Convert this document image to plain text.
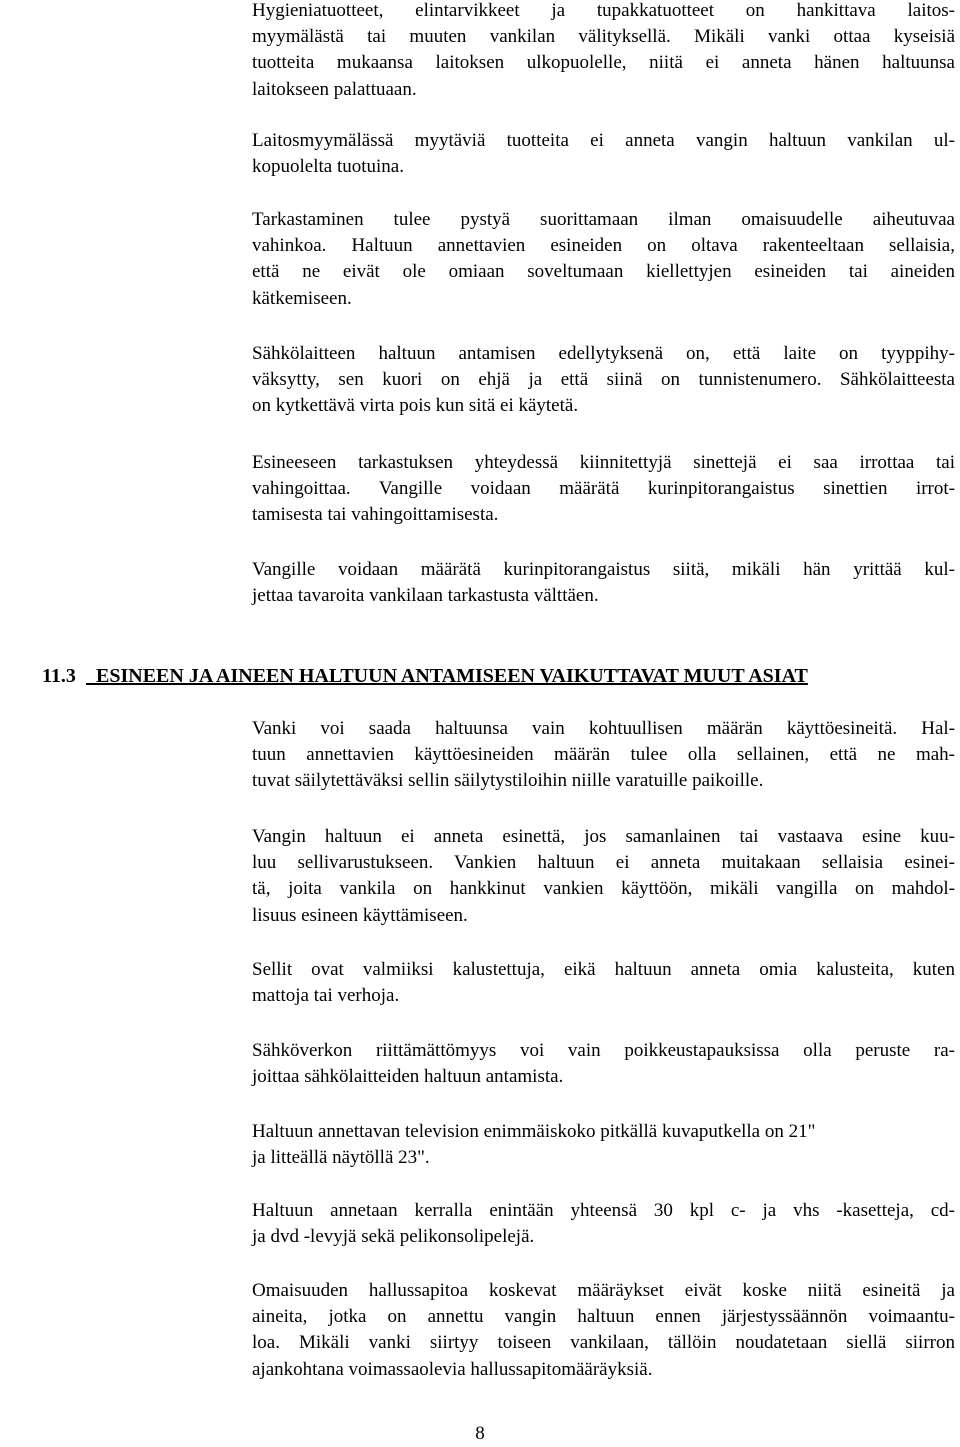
Hygieniatuotteet, elintarvikkeet ja tupakkatuotteet on hankittava laitos-
myymälästä tai muuten vankilan välityksellä. Mikäli vanki ottaa kyseisiä
tuotteita mukaansa laitoksen ulkopuolelle, niitä ei anneta hänen haltuunsa
laitokseen palattuaan.

Laitosmyymälässä myytäviä tuotteita ei anneta vangin haltuun vankilan ul-
kopuolelta tuotuina.

Tarkastaminen tulee pystyä suorittamaan ilman omaisuudelle aiheutuvaa
vahinkoa. Haltuun annettavien esineiden on oltava rakenteeltaan sellaisia,
että ne eivät ole omiaan soveltumaan kiellettyjen esineiden tai aineiden
kätkemiseen.

Sähkölaitteen haltuun antamisen edellytyksenä on, että laite on tyyppihy-
väksytty, sen kuori on ehjä ja että siinä on tunnistenumero. Sähkölaitteesta
on kytkettävä virta pois kun sitä ei käytetä.

Esineeseen tarkastuksen yhteydessä kiinnitettyjä sinettejä ei saa irrottaa tai
vahingoittaa. Vangille voidaan määrätä kurinpitorangaistus sinettien irrot-
tamisesta tai vahingoittamisesta.

Vangille voidaan määrätä kurinpitorangaistus siitä, mikäli hän yrittää kul-
jettaa tavaroita vankilaan tarkastusta välttäen.

11.3 ESINEEN JA AINEEN HALTUUN ANTAMISEEN VAIKUTTAVAT MUUT ASIAT

Vanki voi saada haltuunsa vain kohtuullisen määrän käyttöesineitä. Hal-
tuun annettavien käyttöesineiden määrän tulee olla sellainen, että ne mah-
tuvat säilytettäväksi sellin säilytystiloihin niille varatuille paikoille.

Vangin haltuun ei anneta esinettä, jos samanlainen tai vastaava esine kuu-
luu sellivarustukseen. Vankien haltuun ei anneta muitakaan sellaisia esinei-
tä, joita vankila on hankkinut vankien käyttöön, mikäli vangilla on mahdol-
lisuus esineen käyttämiseen.

Sellit ovat valmiiksi kalustettuja, eikä haltuun anneta omia kalusteita, kuten
mattoja tai verhoja.

Sähköverkon riittämättömyys voi vain poikkeustapauksissa olla peruste ra-
joittaa sähkölaitteiden haltuun antamista.

Haltuun annettavan television enimmäiskoko pitkällä kuvaputkella on 21"
ja litteällä näytöllä 23".

Haltuun annetaan kerralla enintään yhteensä 30 kpl c- ja vhs -kasetteja, cd-
ja dvd -levyjä sekä pelikonsolipelejä.

Omaisuuden hallussapitoa koskevat määräykset eivät koske niitä esineitä ja
aineita, jotka on annettu vangin haltuun ennen järjestyssäännön voimaantu-
loa. Mikäli vanki siirtyy toiseen vankilaan, tällöin noudatetaan siellä siirron
ajankohtana voimassaolevia hallussapitomääräyksiä.

8
